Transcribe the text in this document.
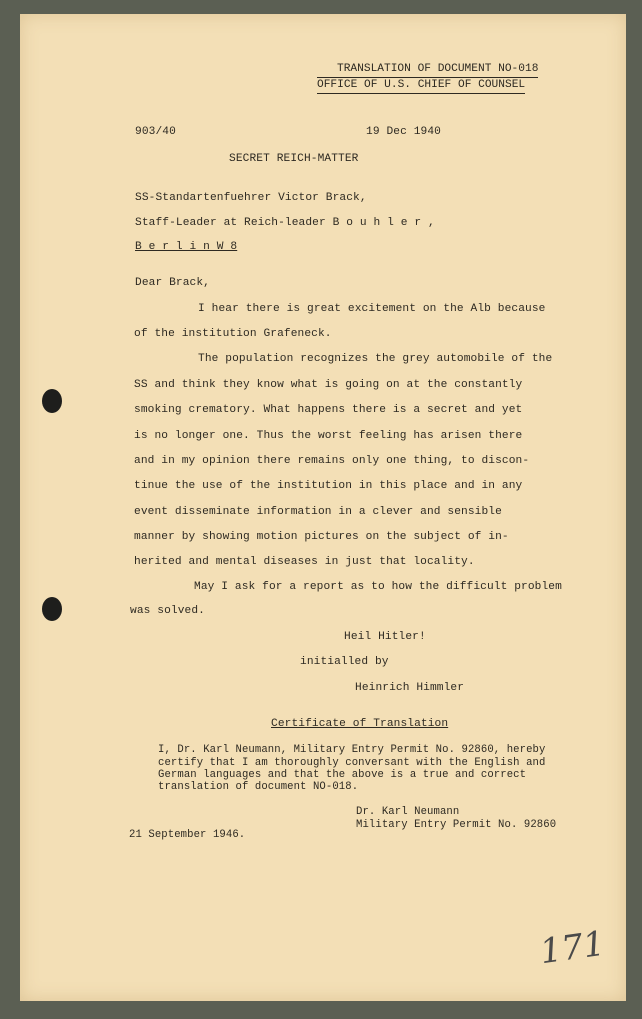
TRANSLATION OF DOCUMENT NO-018
OFFICE OF U.S. CHIEF OF COUNSEL
903/40	19 Dec 1940
SECRET REICH-MATTER
SS-Standartenfuehrer Victor Brack,
Staff-Leader at Reich-leader B o u h l e r ,
B e r l i n W 8
Dear Brack,
I hear there is great excitement on the Alb because
of the institution Grafeneck.
The population recognizes the grey automobile of the
SS and think they know what is going on at the constantly
smoking crematory. What happens there is a secret and yet
is no longer one. Thus the worst feeling has arisen there
and in my opinion there remains only one thing, to discon-
tinue the use of the institution in this place and in any
event disseminate information in a clever and sensible
manner by showing motion pictures on the subject of in-
herited and mental diseases in just that locality.
May I ask for a report as to how the difficult problem
was solved.
Heil Hitler!
initialled by
Heinrich Himmler
Certificate of Translation
I, Dr. Karl Neumann, Military Entry Permit No. 92860, hereby
certify that I am thoroughly conversant with the English and
German languages and that the above is a true and correct
translation of document NO-018.
Dr. Karl Neumann
Military Entry Permit No. 92860
21 September 1946.
171
